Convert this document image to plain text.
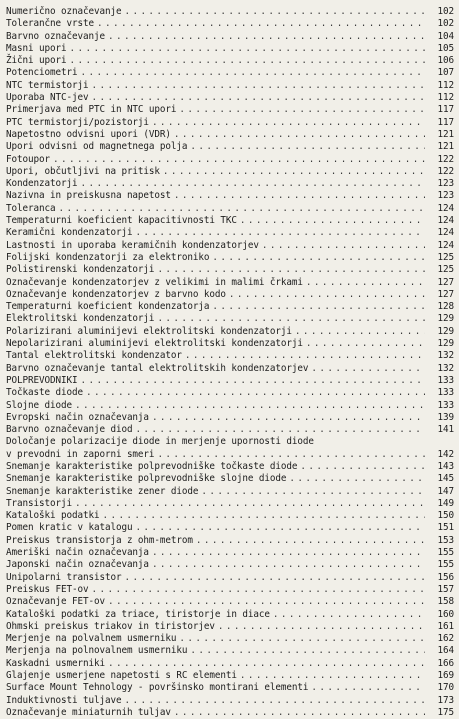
Numerično označevanje . . .	102
Tolerančne vrste . . .	102
Barvno označevanje . . .	104
Masni upori . . .	105
Žični upori . . .	106
Potenciometri . . .	107
NTC termistorji . . .	112
Uporaba NTC-jev . . .	112
Primerjava med PTC in NTC upori . . .	117
PTC termistorji/pozistorji . . .	117
Napetostno odvisni upori (VDR) . . .	121
Upori odvisni od magnetnega polja . . .	121
Fotoupor . . .	122
Upori, občutljivi na pritisk . . .	122
Kondenzatorji . . .	123
Nazivna in preiskusna napetost . . .	123
Toleranca . . .	124
Temperaturni koeficient kapacitivnosti TKC . . .	124
Keramični kondenzatorji . . .	124
Lastnosti in uporaba keramičnih kondenzatorjev . . .	124
Folijski kondenzatorji za elektroniko . . .	125
Polistirenski kondenzatorji . . .	125
Označevanje kondenzatorjev z velikimi in malimi črkami . . .	127
Označevanje kondenzatorjev z barvno kodo . . .	127
Temperaturni koeficient kondenzatorja . . .	128
Elektrolitski kondenzatorji . . .	129
Polarizirani aluminijevi elektrolitski kondenzatorji . . .	129
Nepolarizirani aluminijevi elektrolitski kondenzatorji . . .	129
Tantal elektrolitski kondenzator . . .	132
Barvno označevanje tantal elektrolitskih kondenzatorjev . . .	132
POLPREVODNIKI . . .	133
Točkaste diode . . .	133
Slojne diode . . .	133
Evropski način označevanja . . .	139
Barvno označevanje diod . . .	141
Določanje polarizacije diode in merjenje upornosti diode
v prevodni in zaporni smeri . . .	142
Snemanje karakteristike polprevodniške točkaste diode . . .	143
Snemanje karakteristike polprevodniške slojne diode . . .	145
Snemanje karakteristike zener diode . . .	147
Transistorji . . .	149
Kataloški podatki . . .	150
Pomen kratic v katalogu . . .	151
Preiskus transistorja z ohm-metrom . . .	153
Ameriški način označevanja . . .	155
Japonski način označevanja . . .	155
Unipolarni transistor . . .	156
Preiskus FET-ov . . .	157
Označevanje FET-ov . . .	158
Kataloški podatki za triace, tiristorje in diace . . .	160
Ohmski preiskus triakov in tiristorjev . . .	161
Merjenje na polvalnem usmerniku . . .	162
Merjenja na polnovalnem usmerniku . . .	164
Kaskadni usmerniki . . .	166
Glajenje usmerjene napetosti s RC elementi . . .	169
Surface Mount Tehnology - površinsko montirani elementi . . .	170
Induktivnosti tuljave . . .	173
Označevanje miniaturnih tuljav . . .	175
